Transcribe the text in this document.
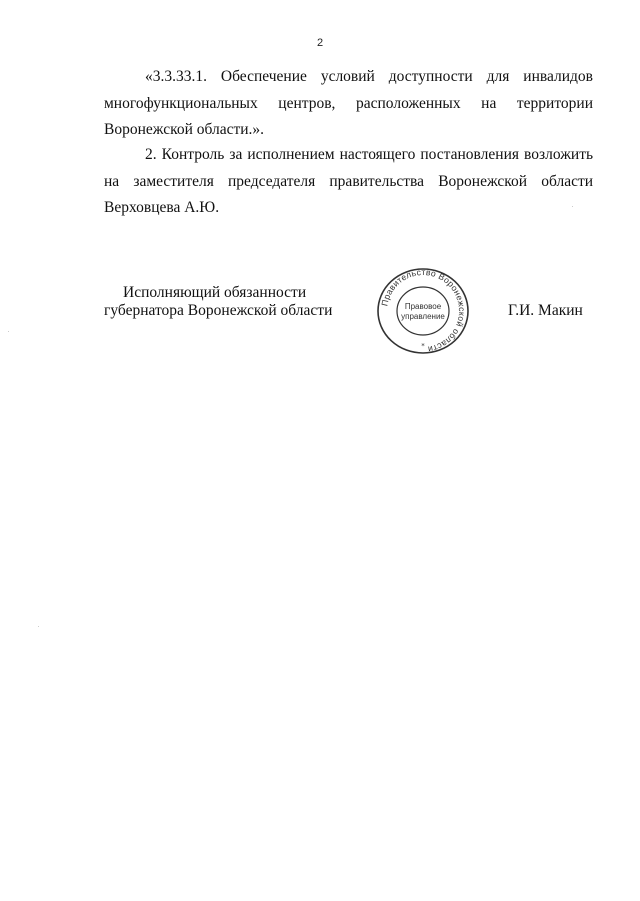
2
«3.3.33.1. Обеспечение условий доступности для инвалидов
многофункциональных центров, расположенных на территории
Воронежской области.».
2. Контроль за исполнением настоящего постановления возложить
на заместителя председателя правительства Воронежской области
Верховцева А.Ю.
Исполняющий обязанности
губернатора Воронежской области	Правительство Воронежской области
Правовое
управление
*
Г.И. Макин
